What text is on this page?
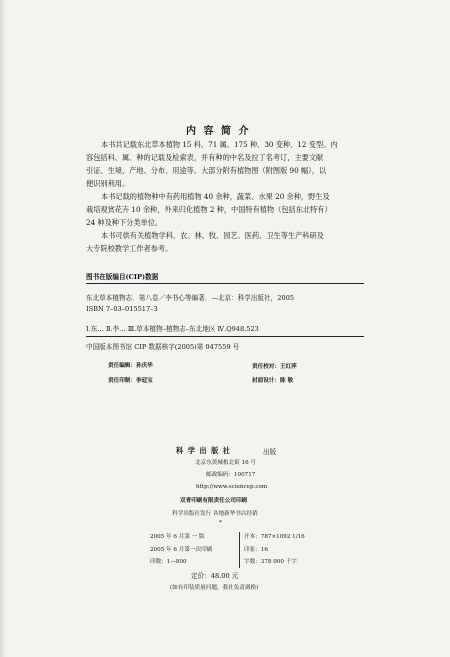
内 容 简 介
本书共记载东北草本植物 15 科、71 属、175 种、30 变种、12 变型。内
容包括科、属、种的记载及检索表，并有种的中名及拉丁名考订，主要文献
引证、生境、产地、分布、用途等。大部分附有植物图（附图版 90 幅），以
便识别利用。
本书记载的植物种中有药用植物 40 余种，蔬菜、水果 20 余种，野生及
栽培观赏花卉 10 余种，外来归化植物 2 种，中国特有植物（包括东北特有）
24 种及种下分类单位。
本书可供有关植物学科、农、林、牧、园艺、医药、卫生等生产科研及
大专院校教学工作者参考。
图书在版编目(CIP)数据
东北草本植物志．第八卷／李书心等编著．—北京：科学出版社，2005
ISBN 7–03–015517–3
Ⅰ.东… Ⅱ.李… Ⅲ.草本植物–植物志–东北地区 Ⅳ.Q948.523
中国版本图书馆 CIP 数据核字(2005)第 047559 号
责任编辑：孙庆华	责任校对：王红萍
责任印制：李廷宝	封面设计：陈 敬
科 学 出 版 社	出版
北京东黄城根北街 16 号
邮政编码：100717
http://www.sciencep.com
双青印刷有限责任公司印刷
科学出版社发行 各地新华书店经销
*
2005 年 6 月第 一 版	开本：787×1092 1/16
2005 年 6 月第一次印刷	印张：16
印数：1—800	字数：378 000 千字
定价：48.00 元
(如有印装质量问题，我社负责调换)
